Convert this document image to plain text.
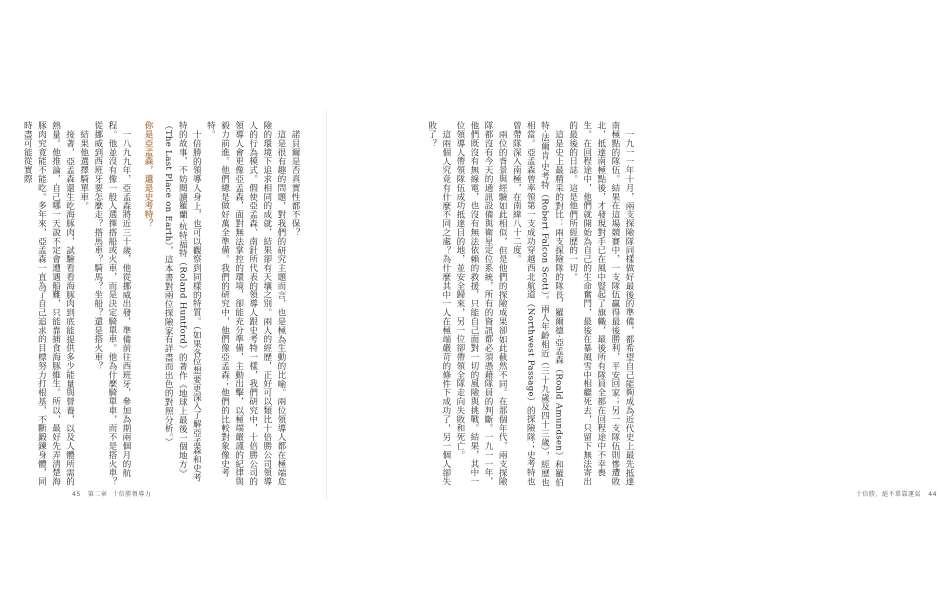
諾貝爾是否真實性都不保？

這是很有趣的問題，對我們的研究主題而言，也是極為生動的比喻。兩位領導人都在極端危險的環境下追求相同的成就，結果卻有天壤之別。兩人的經歷，正好可以類比十倍勝公司領導人的行為模式。假使亞孟森、南針所代表的領導人跟史考特一樣，我們研究中，十倍勝公司的領導人會更像亞孟森，面對無法掌控的環境，卻能充分準備，主動出擊，以極端嚴謹的紀律與毅力前進。他們總是做好萬全準備。我們的研究中，他們像亞孟森；他們的比較對象像史考特。

十倍勝的領導人身上，也可以觀察到同樣的特質。（如果各位想要更深入了解亞孟森和史考特的故事，不妨閱讀羅蘭·杭特福特（Roland Huntford）的著作《地球上最後一個地方》（The Last Place on Earth），這本書對兩位探險家有詳盡而出色的對照分析。）

你是亞孟森，還是史考特？

一八九九年，亞孟森將近三十歲，他從挪威出發，準備前往西班牙，參加為期兩個月的航程。他並沒有像一般人選擇搭船或火車，而是決定騎單車。他為什麼騎單車，而不是搭火車？從挪威到西班牙要怎麼走？搭馬車？騎馬？坐船？還是搭火車？

結果他選擇騎單車。

接著，亞孟森還生吃海豚肉，試驗看看海豚肉到底能提供多少能量與營養，以及人體所需的熱量。他推論，自己哪一天說不定會遭遇船難，只能靠捕食海豚維生。所以，最好先弄清楚海豚肉究竟能不能吃。多年來，亞孟森一直為了自己追求的目標努力打根基，不斷鍛鍊身體，同時盡可能從實際

45 第二章 十倍勝領導力

一九一一年十月，兩支探險隊同樣做好最後的準備，都希望自己能夠成為近代史上最先抵達南極點的隊伍。結果在這場競賽中，一支隊伍贏得最後勝利，平安回家；另一支隊伍則慘遭敗北，抵達南極點後，才發現對手已在風中豎起了旗幟，最後所有隊員全都在回程途中不幸喪生。在回程途中，他們就開始為自己的生命奮鬥，最後在暴風雪中相繼死去，只留下無法寄出的最後的日誌。這是他們所經歷的一切。

這是史上最精采的對比：兩支探險隊的隊長，羅爾德·亞孟森（Roald Amundsen）和羅伯特·法爾肯·史考特（Robert Falcon Scott）。兩人年齡相近（三十九歲及四十三歲），經歷也相當。亞孟森曾率領第一支成功穿越西北航道（Northwest Passage）的探險隊；史考特也曾帶隊深入南極，在南緯八十二度。

兩位的背景與經驗如此相似，但是他們的探險成果卻如此截然不同。在那個年代，兩支探險隊都沒有今天的通訊設備與衛星定位系統，所有的資訊都必須憑藉隊員的判斷。一九一一年，他們既沒有無線電，也沒有無法依賴的救援，只能自己面對一切的風險與挑戰。結果，其中一位領導人帶領隊伍成功抵達目的地，並安全歸來，另一位卻帶領全隊走向失敗和死亡。

這兩個人究竟有什麼不同之處？為什麼其中一人在極端嚴苛的條件下成功了，另一個人卻失敗了？

十倍勝，絕不單靠運氣 44
